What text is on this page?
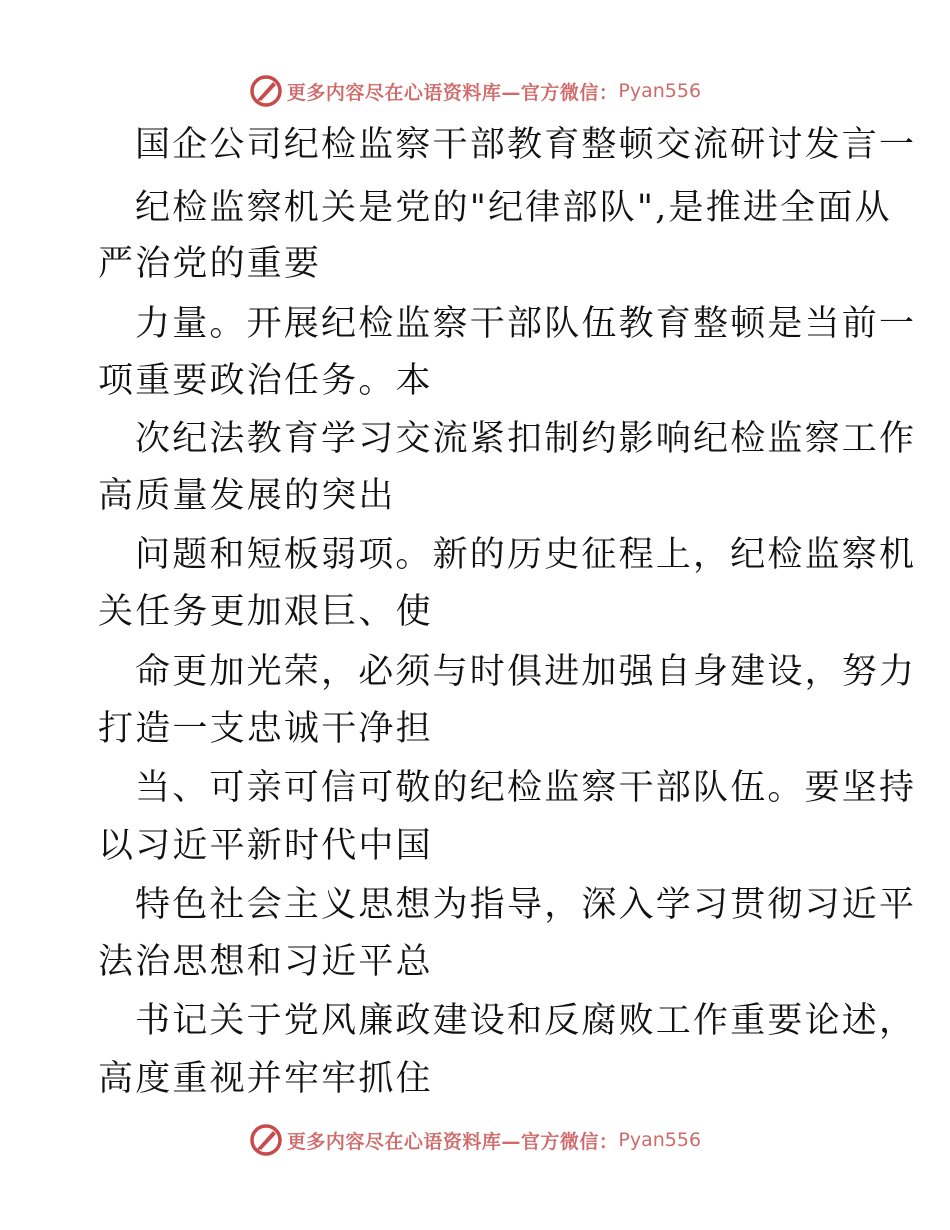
更多内容尽在心语资料库—官方微信： Pyan556
国企公司纪检监察干部教育整顿交流研讨发言一
纪检监察机关是党的"纪律部队",是推进全面从
严治党的重要
力量。开展纪检监察干部队伍教育整顿是当前一
项重要政治任务。本
次纪法教育学习交流紧扣制约影响纪检监察工作
高质量发展的突出
问题和短板弱项。新的历史征程上，纪检监察机
关任务更加艰巨、使
命更加光荣，必须与时俱进加强自身建设，努力
打造一支忠诚干净担
当、可亲可信可敬的纪检监察干部队伍。要坚持
以习近平新时代中国
特色社会主义思想为指导，深入学习贯彻习近平
法治思想和习近平总
书记关于党风廉政建设和反腐败工作重要论述，
高度重视并牢牢抓住
更多内容尽在心语资料库—官方微信： Pyan556
